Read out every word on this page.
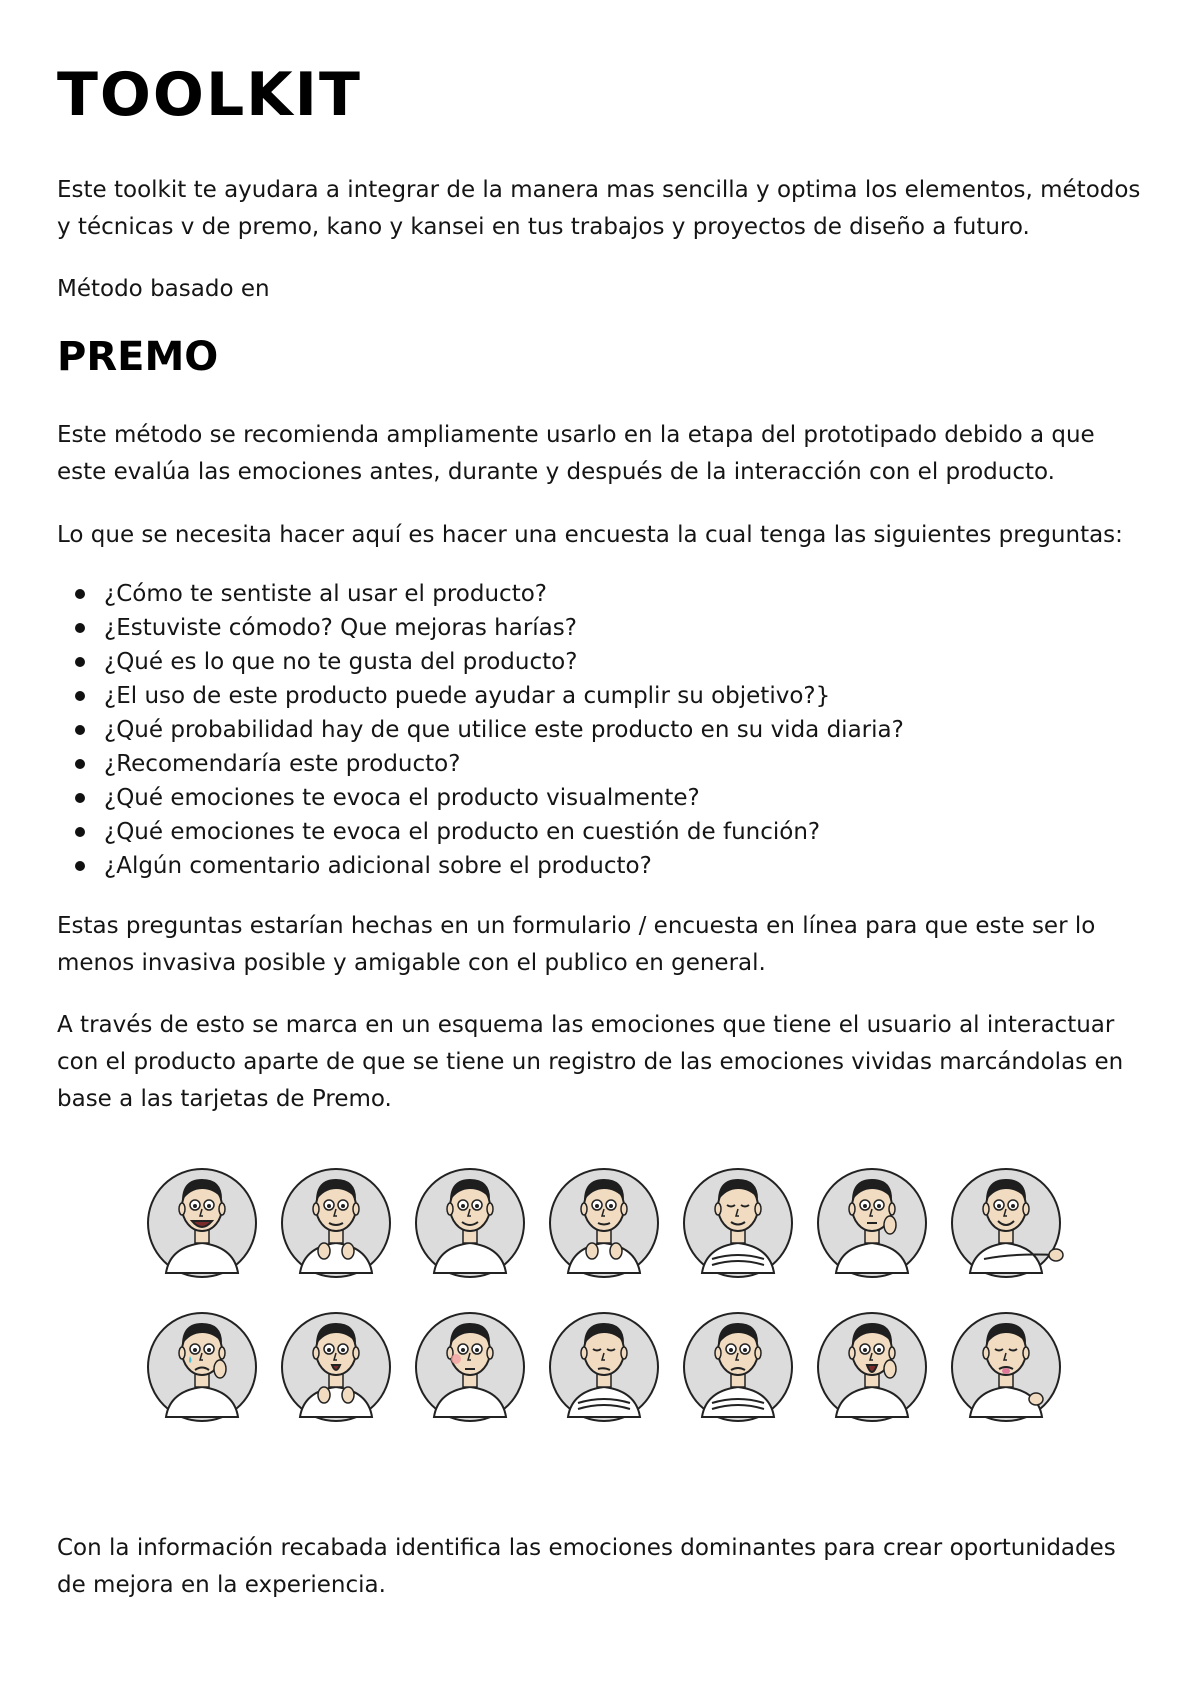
TOOLKIT

Este toolkit te ayudara a integrar de la manera mas sencilla y optima los elementos, métodos y técnicas v de premo, kano y kansei en tus trabajos y proyectos de diseño a futuro.

Método basado en

PREMO

Este método se recomienda ampliamente usarlo en la etapa del prototipado debido a que este evalúa las emociones antes, durante y después de la interacción con el producto.

Lo que se necesita hacer aquí es hacer una encuesta la cual tenga las siguientes preguntas:

¿Cómo te sentiste al usar el producto?
¿Estuviste cómodo? Que mejoras harías?
¿Qué es lo que no te gusta del producto?
¿El uso de este producto puede ayudar a cumplir su objetivo?}
¿Qué probabilidad hay de que utilice este producto en su vida diaria?
¿Recomendaría este producto?
¿Qué emociones te evoca el producto visualmente?
¿Qué emociones te evoca el producto en cuestión de función?
¿Algún comentario adicional sobre el producto?

Estas preguntas estarían hechas en un formulario / encuesta en línea para que este ser lo menos invasiva posible y amigable con el publico en general.

A través de esto se marca en un esquema las emociones que tiene el usuario al interactuar con el producto aparte de que se tiene un registro de las emociones vividas marcándolas en base a las tarjetas de Premo.

Con la información recabada identifica las emociones dominantes para crear oportunidades de mejora en la experiencia.
